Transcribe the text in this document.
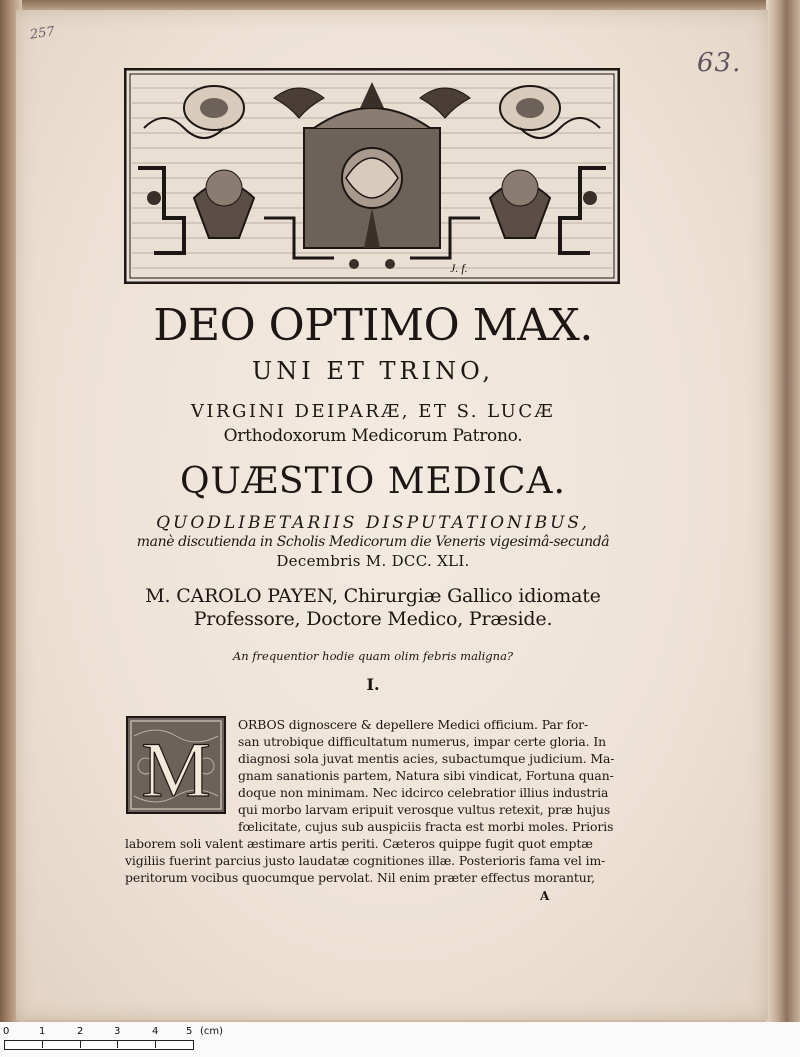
257
63.
J. f.
DEO OPTIMO MAX.
UNI ET TRINO,
VIRGINI DEIPARÆ, ET S. LUCÆ
Orthodoxorum Medicorum Patrono.
QUÆSTIO MEDICA.
QUODLIBETARIIS DISPUTATIONIBUS,
manè discutienda in Scholis Medicorum die Veneris vigesimâ-secundâ
Decembris M. DCC. XLI.
M. CAROLO PAYEN, Chirurgiæ Gallico idiomate
Professore, Doctore Medico, Præside.
An frequentior hodie quam olim febris maligna?
I.
M
ORBOS dignoscere & depellere Medici officium. Par for-
san utrobique difficultatum numerus, impar certe gloria. In
diagnosi sola juvat mentis acies, subactumque judicium. Ma-
gnam sanationis partem, Natura sibi vindicat, Fortuna quan-
doque non minimam. Nec idcirco celebratior illius industria
qui morbo larvam eripuit verosque vultus retexit, præ hujus
fœlicitate, cujus sub auspiciis fracta est morbi moles. Prioris
laborem soli valent æstimare artis periti. Cæteros quippe fugit quot emptæ
vigiliis fuerint parcius justo laudatæ cognitiones illæ. Posterioris fama vel im-
peritorum vocibus quocumque pervolat. Nil enim præter effectus morantur,
A
0	1	2	3	4	5 (cm)
